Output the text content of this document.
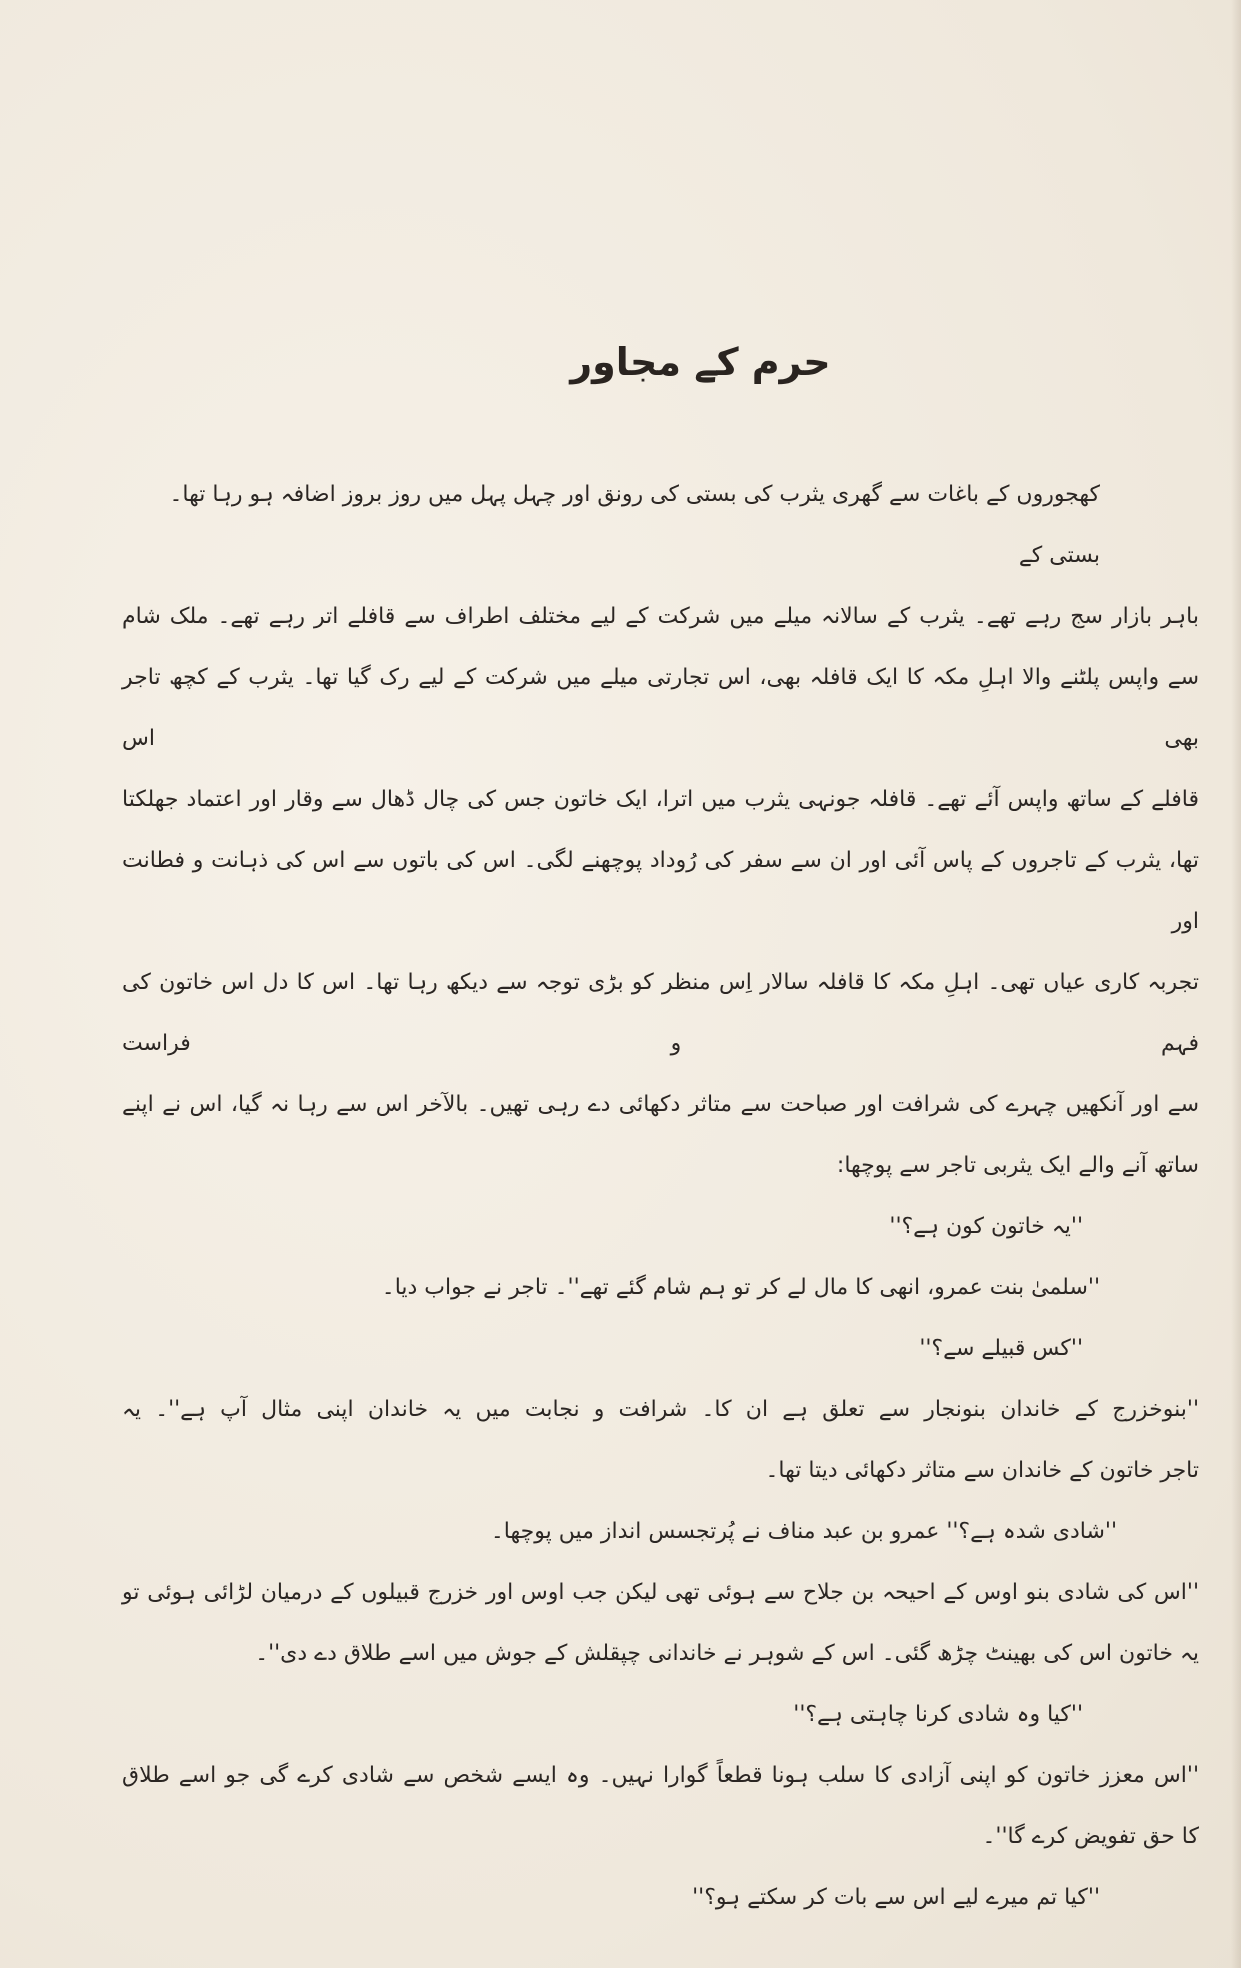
حرم کے مجاور
کھجوروں کے باغات سے گھری یثرب کی بستی کی رونق اور چہل پہل میں روز بروز اضافہ ہو رہا تھا۔ بستی کے
باہر بازار سج رہے تھے۔ یثرب کے سالانہ میلے میں شرکت کے لیے مختلف اطراف سے قافلے اتر رہے تھے۔ ملک شام
سے واپس پلٹنے والا اہلِ مکہ کا ایک قافلہ بھی، اس تجارتی میلے میں شرکت کے لیے رک گیا تھا۔ یثرب کے کچھ تاجر بھی اس
قافلے کے ساتھ واپس آئے تھے۔ قافلہ جونہی یثرب میں اترا، ایک خاتون جس کی چال ڈھال سے وقار اور اعتماد جھلکتا
تھا، یثرب کے تاجروں کے پاس آئی اور ان سے سفر کی رُوداد پوچھنے لگی۔ اس کی باتوں سے اس کی ذہانت و فطانت اور
تجربہ کاری عیاں تھی۔ اہلِ مکہ کا قافلہ سالار اِس منظر کو بڑی توجہ سے دیکھ رہا تھا۔ اس کا دل اس خاتون کی فہم و فراست
سے اور آنکھیں چہرے کی شرافت اور صباحت سے متاثر دکھائی دے رہی تھیں۔ بالآخر اس سے رہا نہ گیا، اس نے اپنے
ساتھ آنے والے ایک یثربی تاجر سے پوچھا:
''یہ خاتون کون ہے؟''
''سلمیٰ بنت عمرو، انھی کا مال لے کر تو ہم شام گئے تھے''۔ تاجر نے جواب دیا۔
''کس قبیلے سے؟''
''بنوخزرج کے خاندان بنونجار سے تعلق ہے ان کا۔ شرافت و نجابت میں یہ خاندان اپنی مثال آپ ہے''۔ یہ
تاجر خاتون کے خاندان سے متاثر دکھائی دیتا تھا۔
''شادی شدہ ہے؟'' عمرو بن عبد مناف نے پُرتجسس انداز میں پوچھا۔
''اس کی شادی بنو اوس کے احیحہ بن جلاح سے ہوئی تھی لیکن جب اوس اور خزرج قبیلوں کے درمیان لڑائی ہوئی تو
یہ خاتون اس کی بھینٹ چڑھ گئی۔ اس کے شوہر نے خاندانی چپقلش کے جوش میں اسے طلاق دے دی''۔
''کیا وہ شادی کرنا چاہتی ہے؟''
''اس معزز خاتون کو اپنی آزادی کا سلب ہونا قطعاً گوارا نہیں۔ وہ ایسے شخص سے شادی کرے گی جو اسے طلاق
کا حق تفویض کرے گا''۔
''کیا تم میرے لیے اس سے بات کر سکتے ہو؟''
